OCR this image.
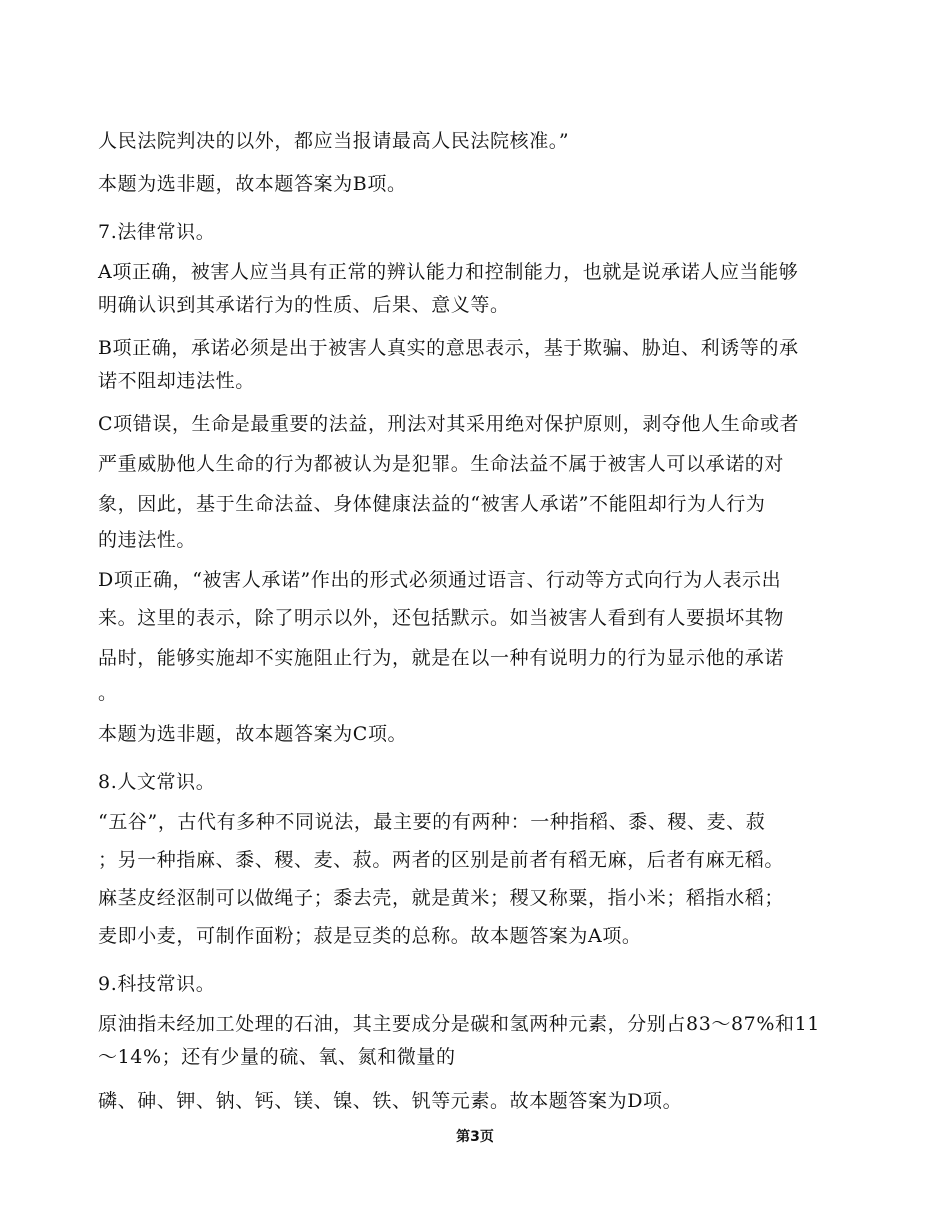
人民法院判决的以外，都应当报请最高人民法院核准。”
本题为选非题，故本题答案为B项。
7.法律常识。
A项正确，被害人应当具有正常的辨认能力和控制能力，也就是说承诺人应当能够
明确认识到其承诺行为的性质、后果、意义等。
B项正确，承诺必须是出于被害人真实的意思表示，基于欺骗、胁迫、利诱等的承
诺不阻却违法性。
C项错误，生命是最重要的法益，刑法对其采用绝对保护原则，剥夺他人生命或者
严重威胁他人生命的行为都被认为是犯罪。生命法益不属于被害人可以承诺的对
象，因此，基于生命法益、身体健康法益的“被害人承诺”不能阻却行为人行为
的违法性。
D项正确，“被害人承诺”作出的形式必须通过语言、行动等方式向行为人表示出
来。这里的表示，除了明示以外，还包括默示。如当被害人看到有人要损坏其物
品时，能够实施却不实施阻止行为，就是在以一种有说明力的行为显示他的承诺
。
本题为选非题，故本题答案为C项。
8.人文常识。
“五谷”，古代有多种不同说法，最主要的有两种：一种指稻、黍、稷、麦、菽
；另一种指麻、黍、稷、麦、菽。两者的区别是前者有稻无麻，后者有麻无稻。
麻茎皮经沤制可以做绳子；黍去壳，就是黄米；稷又称粟，指小米；稻指水稻；
麦即小麦，可制作面粉；菽是豆类的总称。故本题答案为A项。
9.科技常识。
原油指未经加工处理的石油，其主要成分是碳和氢两种元素，分别占83～87%和11
～14%；还有少量的硫、氧、氮和微量的
磷、砷、钾、钠、钙、镁、镍、铁、钒等元素。故本题答案为D项。
第3页
